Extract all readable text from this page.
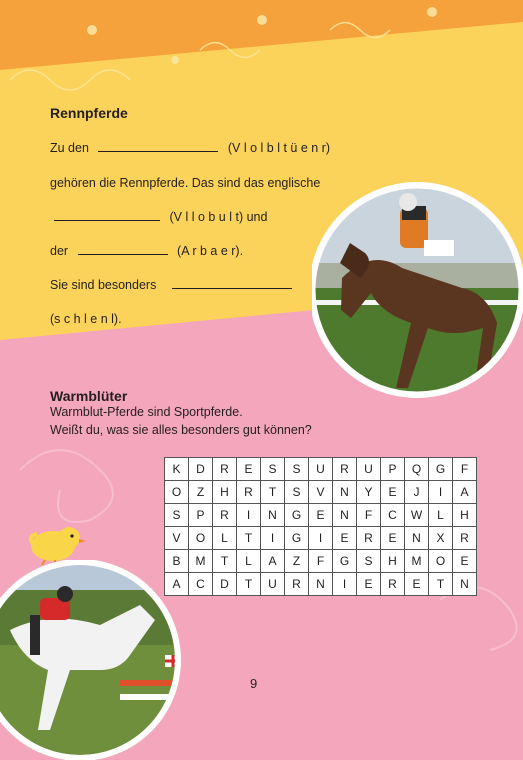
Rennpferde
Zu den	(V l o l b l t ü e n r)
gehören die Rennpferde. Das sind das englische
(V l l o b u l t) und
der	(A r b a e r).
Sie sind besonders
(s c h l e n l).
Warmblüter
Warmblut-Pferde sind Sportpferde.
Weißt du, was sie alles besonders gut können?
K	D	R	E	S	S	U	R	U	P	Q	G	F
O	Z	H	R	T	S	V	N	Y	E	J	I	A
S	P	R	I	N	G	E	N	F	C	W	L	H
V	O	L	T	I	G	I	E	R	E	N	X	R
B	M	T	L	A	Z	F	G	S	H	M	O	E
A	C	D	T	U	R	N	I	E	R	E	T	N
9
